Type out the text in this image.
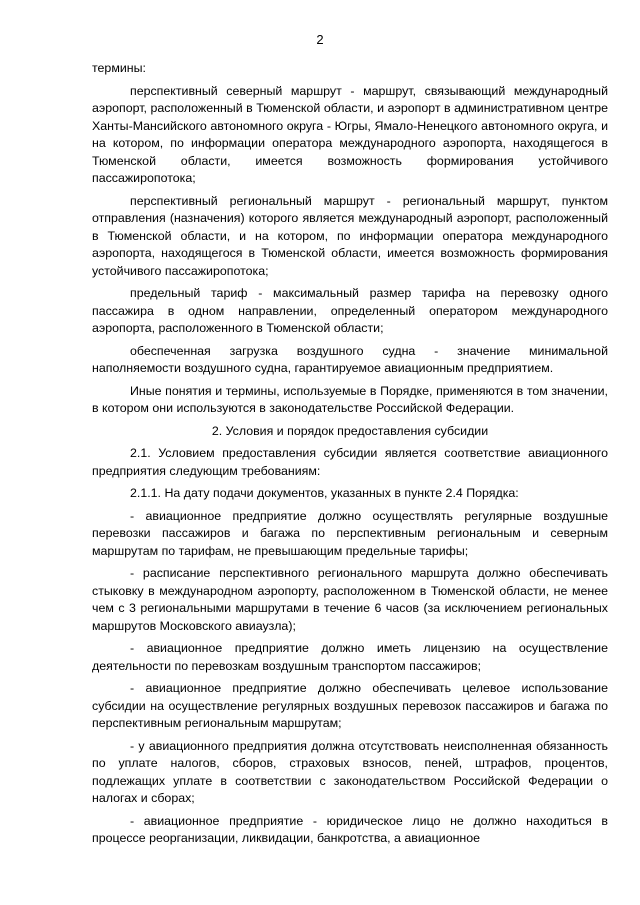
2

термины:

перспективный северный маршрут - маршрут, связывающий международный аэропорт, расположенный в Тюменской области, и аэропорт в административном центре Ханты-Мансийского автономного округа - Югры, Ямало-Ненецкого автономного округа, и на котором, по информации оператора международного аэропорта, находящегося в Тюменской области, имеется возможность формирования устойчивого пассажиропотока;

перспективный региональный маршрут - региональный маршрут, пунктом отправления (назначения) которого является международный аэропорт, расположенный в Тюменской области, и на котором, по информации оператора международного аэропорта, находящегося в Тюменской области, имеется возможность формирования устойчивого пассажиропотока;

предельный тариф - максимальный размер тарифа на перевозку одного пассажира в одном направлении, определенный оператором международного аэропорта, расположенного в Тюменской области;

обеспеченная загрузка воздушного судна - значение минимальной наполняемости воздушного судна, гарантируемое авиационным предприятием.

Иные понятия и термины, используемые в Порядке, применяются в том значении, в котором они используются в законодательстве Российской Федерации.

2. Условия и порядок предоставления субсидии

2.1. Условием предоставления субсидии является соответствие авиационного предприятия следующим требованиям:

2.1.1. На дату подачи документов, указанных в пункте 2.4 Порядка:

- авиационное предприятие должно осуществлять регулярные воздушные перевозки пассажиров и багажа по перспективным региональным и северным маршрутам по тарифам, не превышающим предельные тарифы;

- расписание перспективного регионального маршрута должно обеспечивать стыковку в международном аэропорту, расположенном в Тюменской области, не менее чем с 3 региональными маршрутами в течение 6 часов (за исключением региональных маршрутов Московского авиаузла);

- авиационное предприятие должно иметь лицензию на осуществление деятельности по перевозкам воздушным транспортом пассажиров;

- авиационное предприятие должно обеспечивать целевое использование субсидии на осуществление регулярных воздушных перевозок пассажиров и багажа по перспективным региональным маршрутам;

- у авиационного предприятия должна отсутствовать неисполненная обязанность по уплате налогов, сборов, страховых взносов, пеней, штрафов, процентов, подлежащих уплате в соответствии с законодательством Российской Федерации о налогах и сборах;

- авиационное предприятие - юридическое лицо не должно находиться в процессе реорганизации, ликвидации, банкротства, а авиационное
